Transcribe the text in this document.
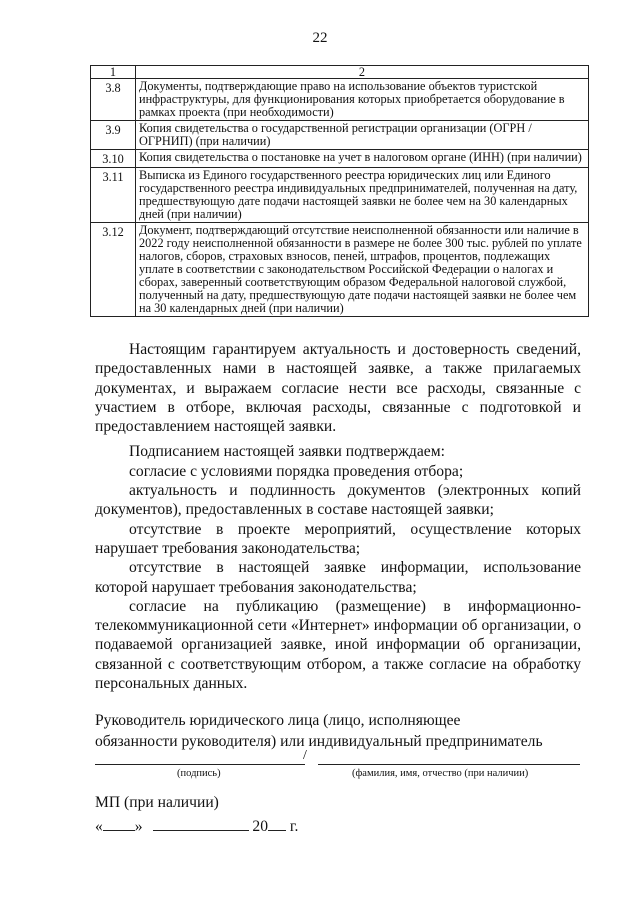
22
1	2
3.8	Документы, подтверждающие право на использование объектов туристской инфраструктуры, для функционирования которых приобретается оборудование в рамках проекта (при необходимости)
3.9	Копия свидетельства о государственной регистрации организации (ОГРН / ОГРНИП) (при наличии)
3.10	Копия свидетельства о постановке на учет в налоговом органе (ИНН) (при наличии)
3.11	Выписка из Единого государственного реестра юридических лиц или Единого государственного реестра индивидуальных предпринимателей, полученная на дату, предшествующую дате подачи настоящей заявки не более чем на 30 календарных дней (при наличии)
3.12	Документ, подтверждающий отсутствие неисполненной обязанности или наличие в 2022 году неисполненной обязанности в размере не более 300 тыс. рублей по уплате налогов, сборов, страховых взносов, пеней, штрафов, процентов, подлежащих уплате в соответствии с законодательством Российской Федерации о налогах и сборах, заверенный соответствующим образом Федеральной налоговой службой, полученный на дату, предшествующую дате подачи настоящей заявки не более чем на 30 календарных дней (при наличии)

Настоящим гарантируем актуальность и достоверность сведений, предоставленных нами в настоящей заявке, а также прилагаемых документах, и выражаем согласие нести все расходы, связанные с участием в отборе, включая расходы, связанные с подготовкой и предоставлением настоящей заявки.

Подписанием настоящей заявки подтверждаем:

согласие с условиями порядка проведения отбора;

актуальность и подлинность документов (электронных копий документов), предоставленных в составе настоящей заявки;

отсутствие в проекте мероприятий, осуществление которых нарушает требования законодательства;

отсутствие в настоящей заявке информации, использование которой нарушает требования законодательства;

согласие на публикацию (размещение) в информационно-телекоммуникационной сети «Интернет» информации об организации, о подаваемой организацией заявке, иной информации об организации, связанной с соответствующим отбором, а также согласие на обработку персональных данных.

Руководитель юридического лица (лицо, исполняющее
обязанности руководителя) или индивидуальный предприниматель
/
(подпись)	(фамилия, имя, отчество (при наличии)
МП (при наличии)
« »	20 г.
